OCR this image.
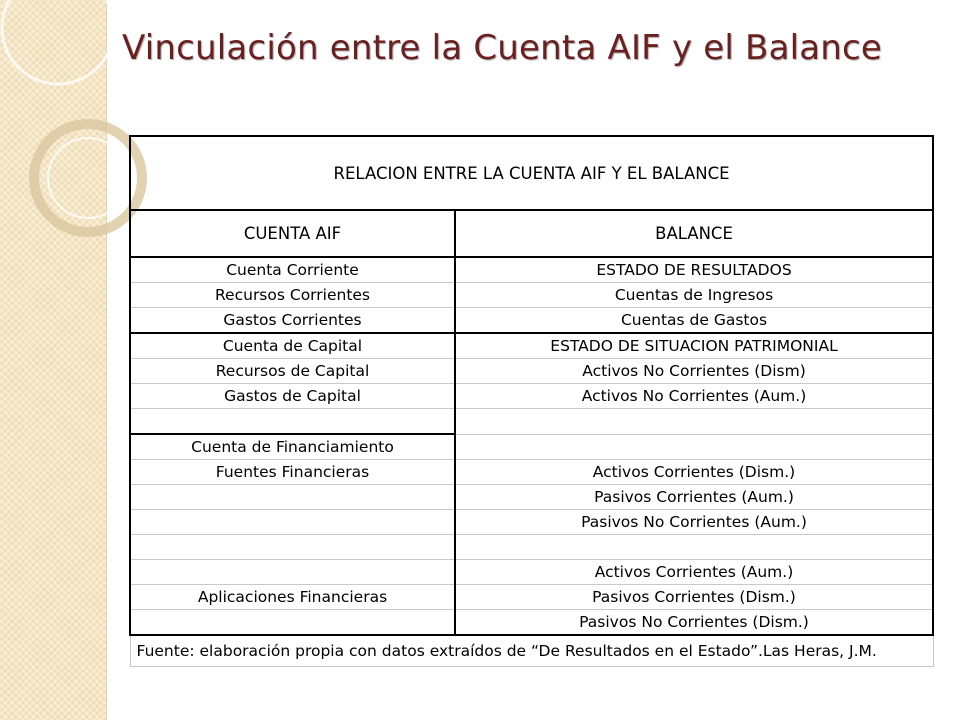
Vinculación entre la Cuenta AIF y el Balance
RELACION ENTRE LA CUENTA AIF Y EL BALANCE	
CUENTA AIF	BALANCE
Cuenta Corriente	ESTADO DE RESULTADOS
Recursos Corrientes	Cuentas de Ingresos
Gastos Corrientes	Cuentas de Gastos
Cuenta de Capital	ESTADO DE SITUACION PATRIMONIAL
Recursos de Capital	Activos No Corrientes (Dism)
Gastos de Capital	Activos No Corrientes (Aum.)

Cuenta de Financiamiento	
Fuentes Financieras	Activos Corrientes (Dism.)
	Pasivos Corrientes (Aum.)
	Pasivos No Corrientes (Aum.)

	Activos Corrientes (Aum.)
Aplicaciones Financieras	Pasivos Corrientes (Dism.)
	Pasivos No Corrientes (Dism.)
Fuente: elaboración propia con datos extraídos de “De Resultados en el Estado”.Las Heras, J.M.	
